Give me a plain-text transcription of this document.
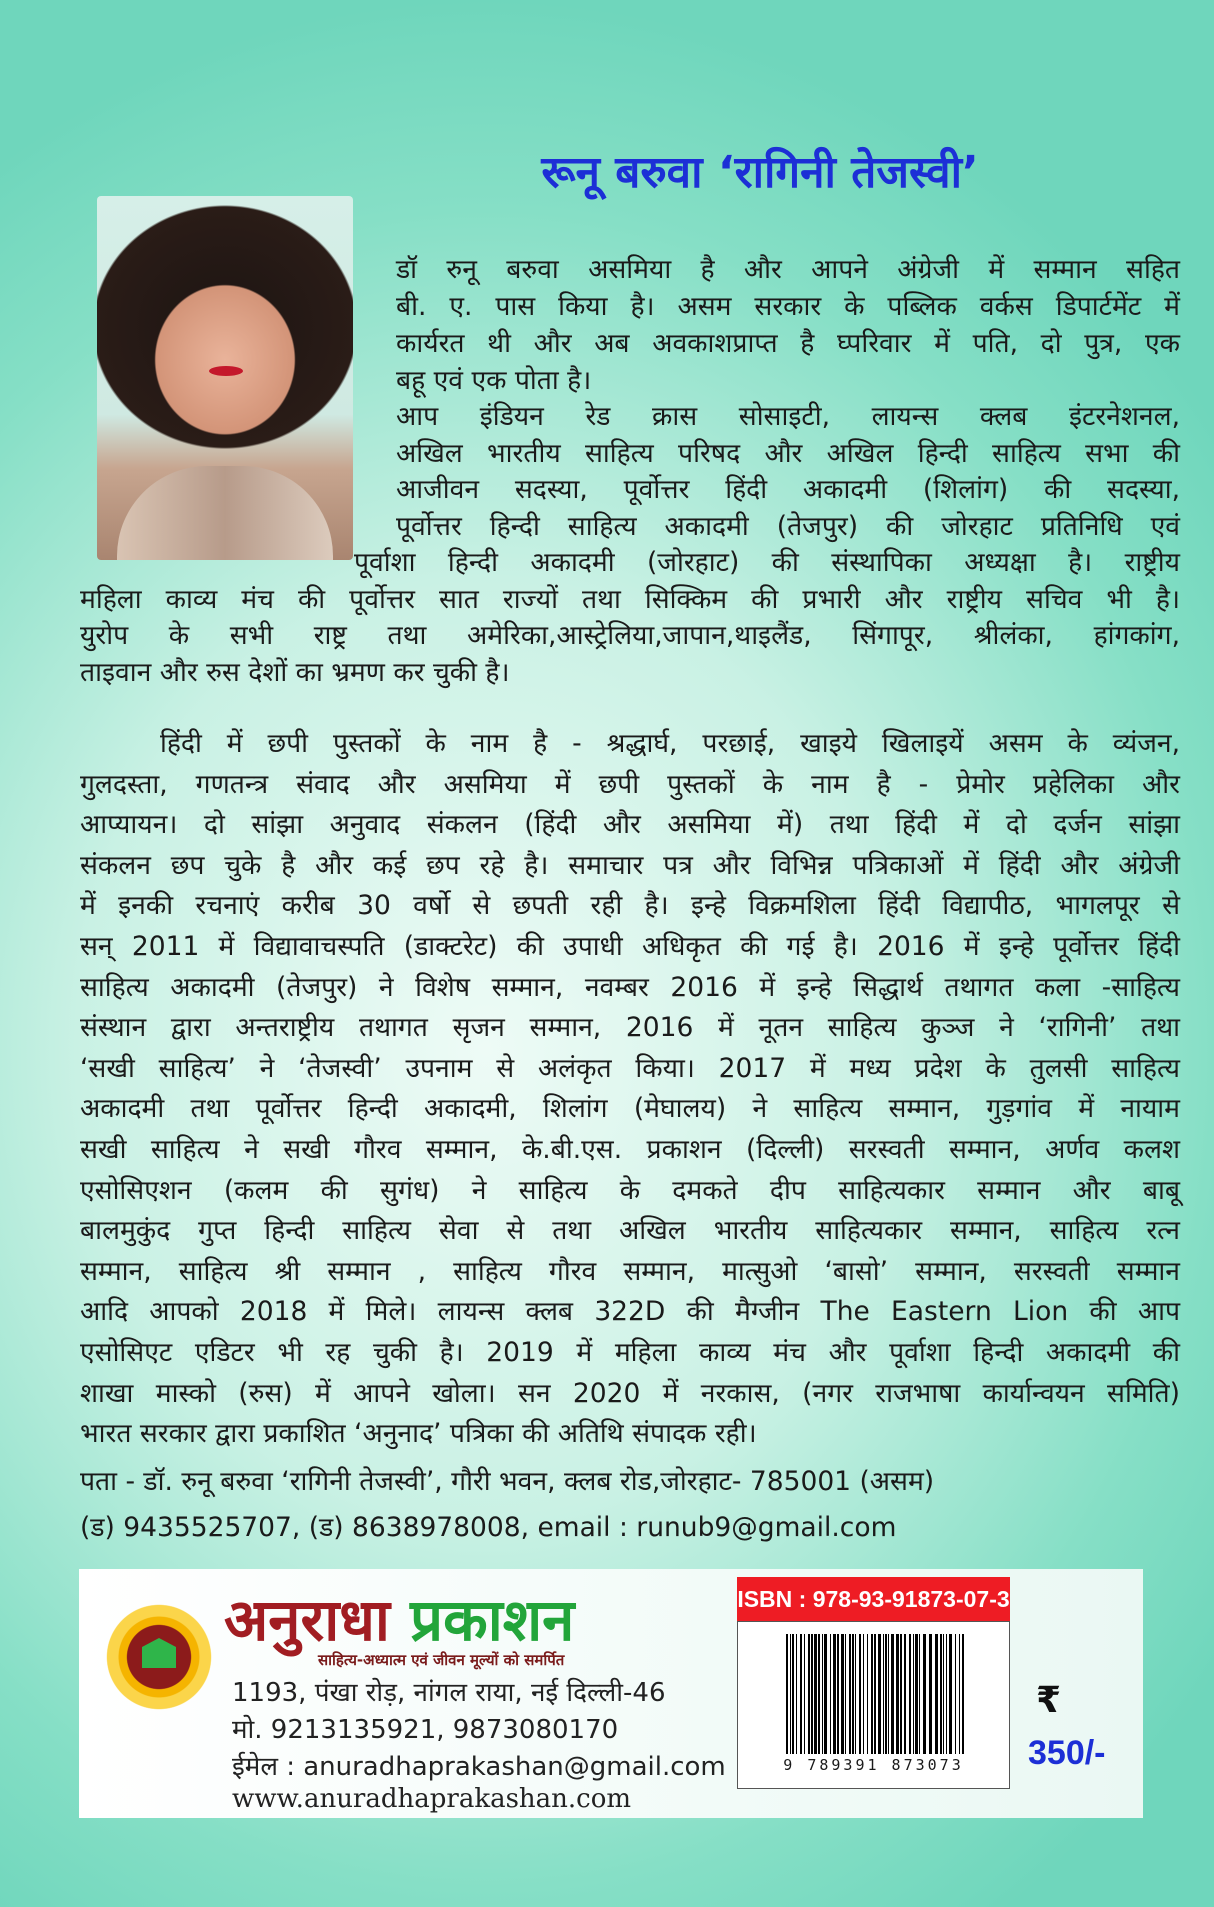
रूनू बरुवा ‘रागिनी तेजस्वी’
डॉ रुनू बरुवा असमिया है और आपने अंग्रेजी में सम्मान सहित
बी. ए. पास किया है। असम सरकार के पब्लिक वर्कस डिपार्टमेंट में
कार्यरत थी और अब अवकाशप्राप्त है घ्परिवार में पति, दो पुत्र, एक
बहू एवं एक पोता है।
आप इंडियन रेड क्रास सोसाइटी, लायन्स क्लब इंटरनेशनल,
अखिल भारतीय साहित्य परिषद और अखिल हिन्दी साहित्य सभा की
आजीवन सदस्या, पूर्वोत्तर हिंदी अकादमी (शिलांग) की सदस्या,
पूर्वोत्तर हिन्दी साहित्य अकादमी (तेजपुर) की जोरहाट प्रतिनिधि एवं
पूर्वाशा हिन्दी अकादमी (जोरहाट) की संस्थापिका अध्यक्षा है। राष्ट्रीय
महिला काव्य मंच की पूर्वोत्तर सात राज्यों तथा सिक्किम की प्रभारी और राष्ट्रीय सचिव भी है।
युरोप के सभी राष्ट्र तथा अमेरिका,आस्ट्रेलिया,जापान,थाइलैंड, सिंगापूर, श्रीलंका, हांगकांग,
ताइवान और रुस देशों का भ्रमण कर चुकी है।
हिंदी में छपी पुस्तकों के नाम है - श्रद्धार्घ, परछाई, खाइये खिलाइयें असम के व्यंजन,
गुलदस्ता, गणतन्त्र संवाद और असमिया में छपी पुस्तकों के नाम है - प्रेमोर प्रहेलिका और
आप्यायन। दो सांझा अनुवाद संकलन (हिंदी और असमिया में) तथा हिंदी में दो दर्जन सांझा
संकलन छप चुके है और कई छप रहे है। समाचार पत्र और विभिन्न पत्रिकाओं में हिंदी और अंग्रेजी
में इनकी रचनाएं करीब 30 वर्षो से छपती रही है। इन्हे विक्रमशिला हिंदी विद्यापीठ, भागलपूर से
सन् 2011 में विद्यावाचस्पति (डाक्टरेट) की उपाधी अधिकृत की गई है। 2016 में इन्हे पूर्वोत्तर हिंदी
साहित्य अकादमी (तेजपुर) ने विशेष सम्मान, नवम्बर 2016 में इन्हे सिद्धार्थ तथागत कला -साहित्य
संस्थान द्वारा अन्तराष्ट्रीय तथागत सृजन सम्मान, 2016 में नूतन साहित्य कुञ्ज ने ‘रागिनी’ तथा
‘सखी साहित्य’ ने ‘तेजस्वी’ उपनाम से अलंकृत किया। 2017 में मध्य प्रदेश के तुलसी साहित्य
अकादमी तथा पूर्वोत्तर हिन्दी अकादमी, शिलांग (मेघालय) ने साहित्य सम्मान, गुड़गांव में नायाम
सखी साहित्य ने सखी गौरव सम्मान, के.बी.एस. प्रकाशन (दिल्ली) सरस्वती सम्मान, अर्णव कलश
एसोसिएशन (कलम की सुगंध) ने साहित्य के दमकते दीप साहित्यकार सम्मान और बाबू
बालमुकुंद गुप्त हिन्दी साहित्य सेवा से तथा अखिल भारतीय साहित्यकार सम्मान, साहित्य रत्न
सम्मान, साहित्य श्री सम्मान , साहित्य गौरव सम्मान, मात्सुओ ‘बासो’ सम्मान, सरस्वती सम्मान
आदि आपको 2018 में मिले। लायन्स क्लब 322D की मैग्जीन The Eastern Lion की आप
एसोसिएट एडिटर भी रह चुकी है। 2019 में महिला काव्य मंच और पूर्वाशा हिन्दी अकादमी की
शाखा मास्को (रुस) में आपने खोला। सन 2020 में नरकास, (नगर राजभाषा कार्यान्वयन समिति)
भारत सरकार द्वारा प्रकाशित ‘अनुनाद’ पत्रिका की अतिथि संपादक रही।
पता - डॉ. रुनू बरुवा ‘रागिनी तेजस्वी’, गौरी भवन, क्लब रोड,जोरहाट- 785001 (असम)
(ड) 9435525707, (ड) 8638978008, email : runub9@gmail.com
अनुराधा प्रकाशन
साहित्य-अध्यात्म एवं जीवन मूल्यों को समर्पित
1193, पंखा रोड़, नांगल राया, नई दिल्ली-46
मो. 9213135921, 9873080170
ईमेल : anuradhaprakashan@gmail.com
www.anuradhaprakashan.com
ISBN : 978-93-91873-07-3
9 789391 873073
₹
350/-
